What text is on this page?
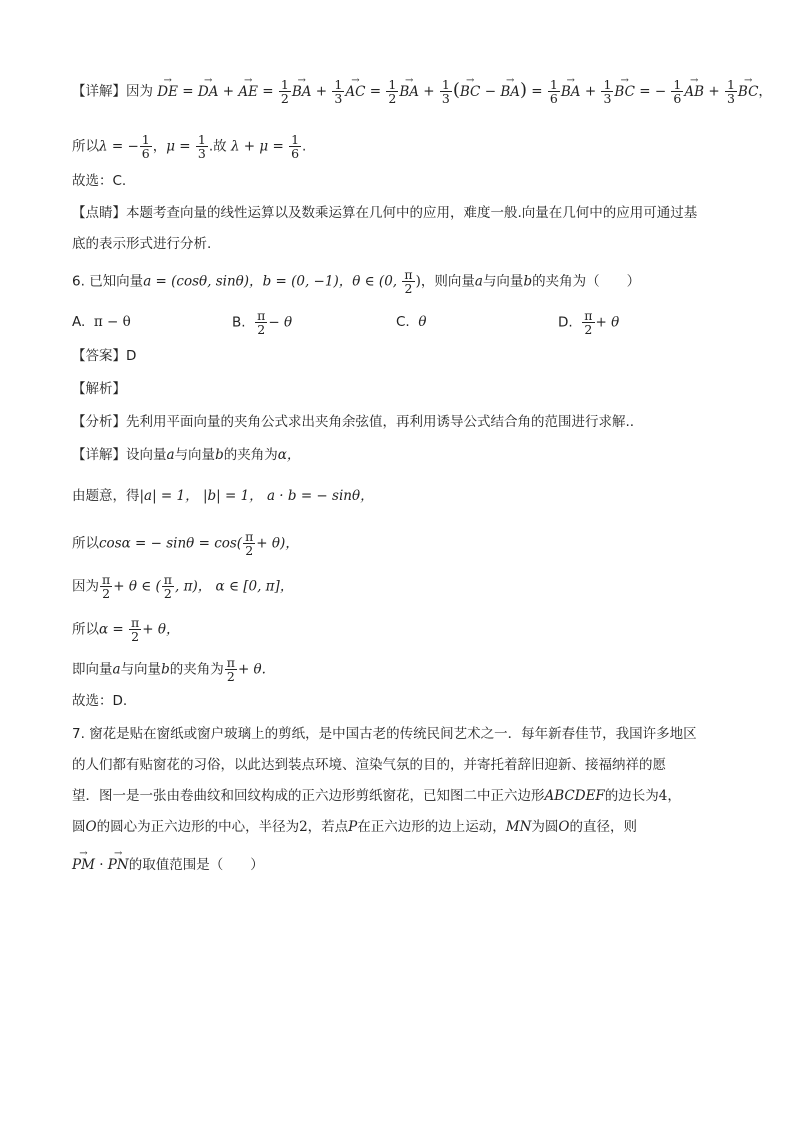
【详解】因为 → DE = → DA + → AE = $\frac{1}{2}$ → BA + $\frac{1}{3}$ → AC = $\frac{1}{2}$ → BA + $\frac{1}{3}$ (→ BC − → $BA) = \frac{1}{6}$ → BA + $\frac{1}{3}$ → BC = − $\frac{1}{6}$ → AB + $\frac{1}{3}$ → BC，
所以λ = − $\frac{1}{6}$ ，$\mu = \frac{1}{3}$ .故 $\lambda + \mu = \frac{1}{6}$ .
故选：C.
【点睛】本题考查向量的线性运算以及数乘运算在几何中的应用，难度一般.向量在几何中的应用可通过基
底的表示形式进行分析.
6. 已知向量a = (cosθ, sinθ)，b = (0, −1)，θ ∈ (0, $\frac{\pi}{2}$ )，则向量a与向量b的夹角为（　　）
A. π − θ	B. $\frac{\pi}{2} - \theta$	C. θ	D. $\frac{\pi}{2} + \theta$
【答案】D
【解析】
【分析】先利用平面向量的夹角公式求出夹角余弦值，再利用诱导公式结合角的范围进行求解..
【详解】设向量a与向量b的夹角为α，
由题意，得|a| = 1， |b| = 1， a · b = − sinθ，
所以cosα = − $\sin\theta = \cos( \frac{\pi}{2} + \theta)$，
因为 $\frac{\pi}{2} + \theta$ ∈ ( $\frac{\pi}{2}$ , π)， α ∈ [0, π]，
所以$\alpha = \frac{\pi}{2} + \theta$，
即向量a与向量b的夹角为 $\frac{\pi}{2} + \theta$.
故选：D.
7. 窗花是贴在窗纸或窗户玻璃上的剪纸，是中国古老的传统民间艺术之一．每年新春佳节，我国许多地区
的人们都有贴窗花的习俗，以此达到装点环境、渲染气氛的目的，并寄托着辞旧迎新、接福纳祥的愿
望．图一是一张由卷曲纹和回纹构成的正六边形剪纸窗花，已知图二中正六边形ABCDEF的边长为4，
圆O的圆心为正六边形的中心，半径为2，若点P在正六边形的边上运动，MN为圆O的直径，则
→ PM · → PN的取值范围是（　　）
